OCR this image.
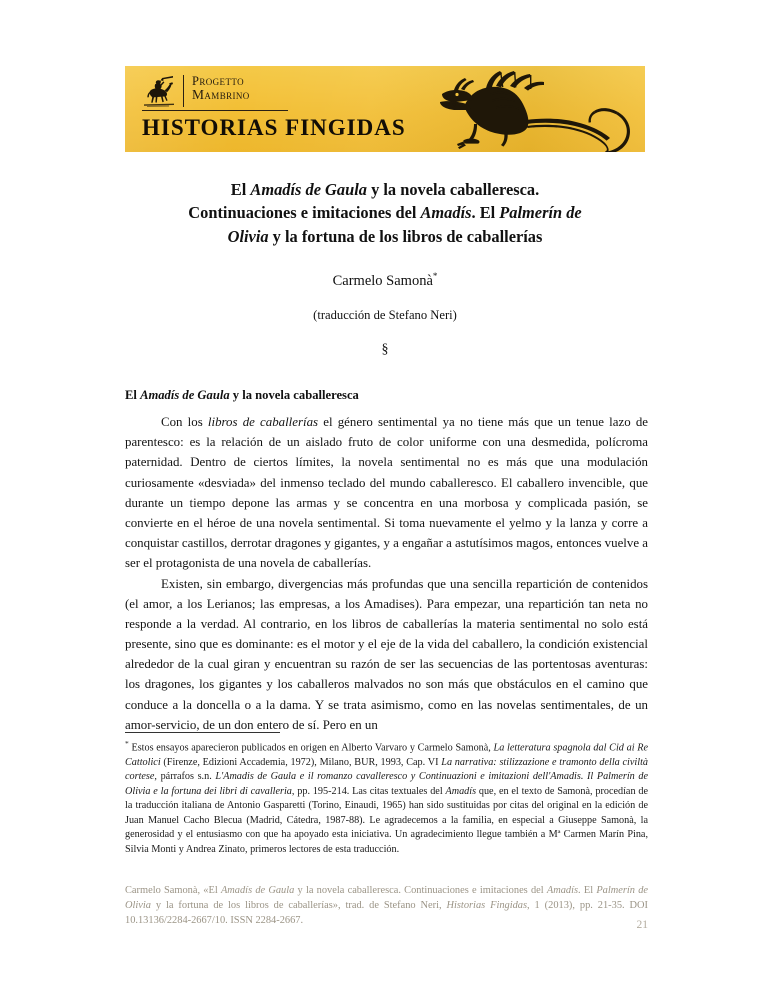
Progetto
Mambrino
HISTORIAS FINGIDAS
El Amadís de Gaula y la novela caballeresca.
Continuaciones e imitaciones del Amadís. El Palmerín de
Olivia y la fortuna de los libros de caballerías
Carmelo Samonà*
(traducción de Stefano Neri)
§
El Amadís de Gaula y la novela caballeresca

Con los libros de caballerías el género sentimental ya no tiene más que un tenue lazo de parentesco: es la relación de un aislado fruto de color uniforme con una desmedida, polícroma paternidad. Dentro de ciertos límites, la novela sentimental no es más que una modulación curiosamente «desviada» del inmenso teclado del mundo caballeresco. El caballero invencible, que durante un tiempo depone las armas y se concentra en una morbosa y complicada pasión, se convierte en el héroe de una novela sentimental. Si toma nuevamente el yelmo y la lanza y corre a conquistar castillos, derrotar dragones y gigantes, y a engañar a astutísimos magos, entonces vuelve a ser el protagonista de una novela de caballerías.

Existen, sin embargo, divergencias más profundas que una sencilla repartición de contenidos (el amor, a los Lerianos; las empresas, a los Amadises). Para empezar, una repartición tan neta no responde a la verdad. Al contrario, en los libros de caballerías la materia sentimental no solo está presente, sino que es dominante: es el motor y el eje de la vida del caballero, la condición existencial alrededor de la cual giran y encuentran su razón de ser las secuencias de las portentosas aventuras: los dragones, los gigantes y los caballeros malvados no son más que obstáculos en el camino que conduce a la doncella o a la dama. Y se trata asimismo, como en las novelas sentimentales, de un amor-servicio, de un don entero de sí. Pero en un

* Estos ensayos aparecieron publicados en origen en Alberto Varvaro y Carmelo Samonà, La letteratura spagnola dal Cid ai Re Cattolici (Firenze, Edizioni Accademia, 1972), Milano, BUR, 1993, Cap. VI La narrativa: stilizzazione e tramonto della civiltà cortese, párrafos s.n. L'Amadis de Gaula e il romanzo cavalleresco y Continuazioni e imitazioni dell'Amadis. Il Palmerín de Olivia e la fortuna dei libri di cavalleria, pp. 195-214. Las citas textuales del Amadís que, en el texto de Samonà, procedían de la traducción italiana de Antonio Gasparetti (Torino, Einaudi, 1965) han sido sustituidas por citas del original en la edición de Juan Manuel Cacho Blecua (Madrid, Cátedra, 1987-88). Le agradecemos a la familia, en especial a Giuseppe Samonà, la generosidad y el entusiasmo con que ha apoyado esta iniciativa. Un agradecimiento llegue también a Mª Carmen Marín Pina, Silvia Monti y Andrea Zinato, primeros lectores de esta traducción.
Carmelo Samonà, «El Amadís de Gaula y la novela caballeresca. Continuaciones e imitaciones del Amadís. El Palmerín de Olivia y la fortuna de los libros de caballerías», trad. de Stefano Neri, Historias Fingidas, 1 (2013), pp. 21-35. DOI 10.13136/2284-2667/10. ISSN 2284-2667.	21
